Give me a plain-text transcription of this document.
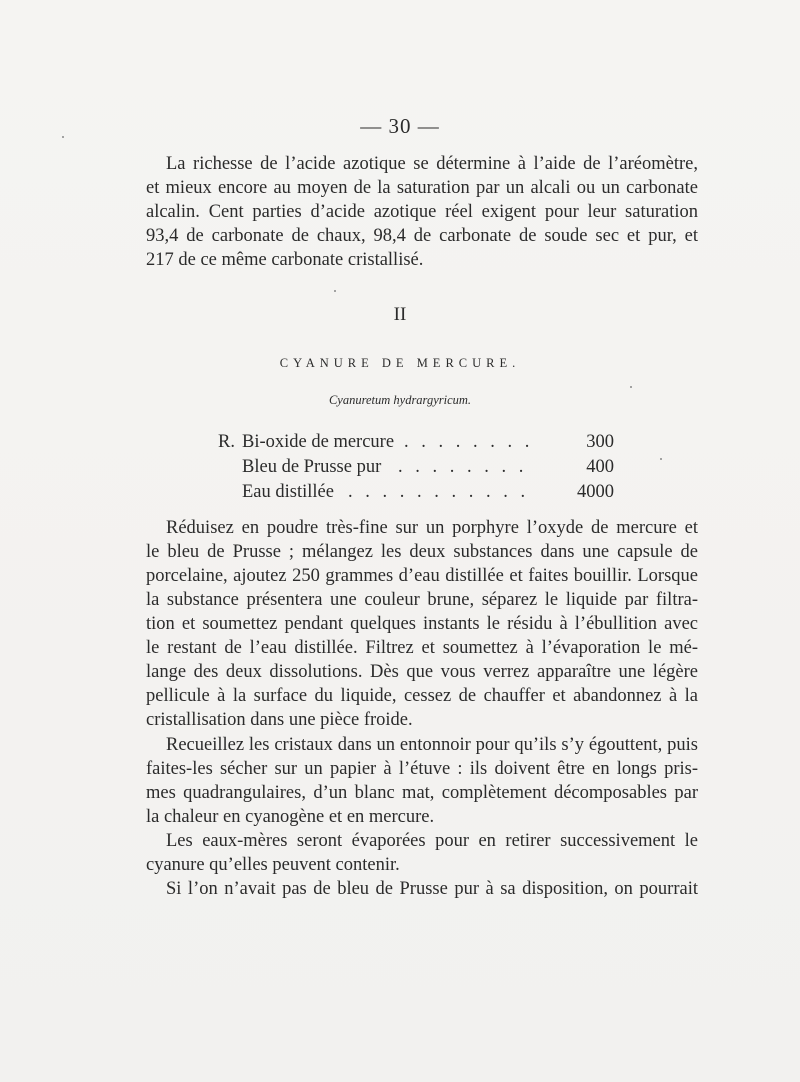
— 30 —
La richesse de l’acide azotique se détermine à l’aide de l’aréomètre,
et mieux encore au moyen de la saturation par un alcali ou un carbonate
alcalin. Cent parties d’acide azotique réel exigent pour leur saturation
93,4 de carbonate de chaux, 98,4 de carbonate de soude sec et pur, et
217 de ce même carbonate cristallisé.
II
CYANURE DE MERCURE.
Cyanuretum hydrargyricum.
R. Bi-oxide de mercure . . . . . . . .	300
Bleu de Prusse pur . . . . . . . .	400
Eau distillée . . . . . . . . . . .	4000
Réduisez en poudre très-fine sur un porphyre l’oxyde de mercure et
le bleu de Prusse ; mélangez les deux substances dans une capsule de
porcelaine, ajoutez 250 grammes d’eau distillée et faites bouillir. Lorsque
la substance présentera une couleur brune, séparez le liquide par filtra-
tion et soumettez pendant quelques instants le résidu à l’ébullition avec
le restant de l’eau distillée. Filtrez et soumettez à l’évaporation le mé-
lange des deux dissolutions. Dès que vous verrez apparaître une légère
pellicule à la surface du liquide, cessez de chauffer et abandonnez à la
cristallisation dans une pièce froide.
Recueillez les cristaux dans un entonnoir pour qu’ils s’y égouttent, puis
faites-les sécher sur un papier à l’étuve : ils doivent être en longs pris-
mes quadrangulaires, d’un blanc mat, complètement décomposables par
la chaleur en cyanogène et en mercure.
Les eaux-mères seront évaporées pour en retirer successivement le
cyanure qu’elles peuvent contenir.
Si l’on n’avait pas de bleu de Prusse pur à sa disposition, on pourrait
